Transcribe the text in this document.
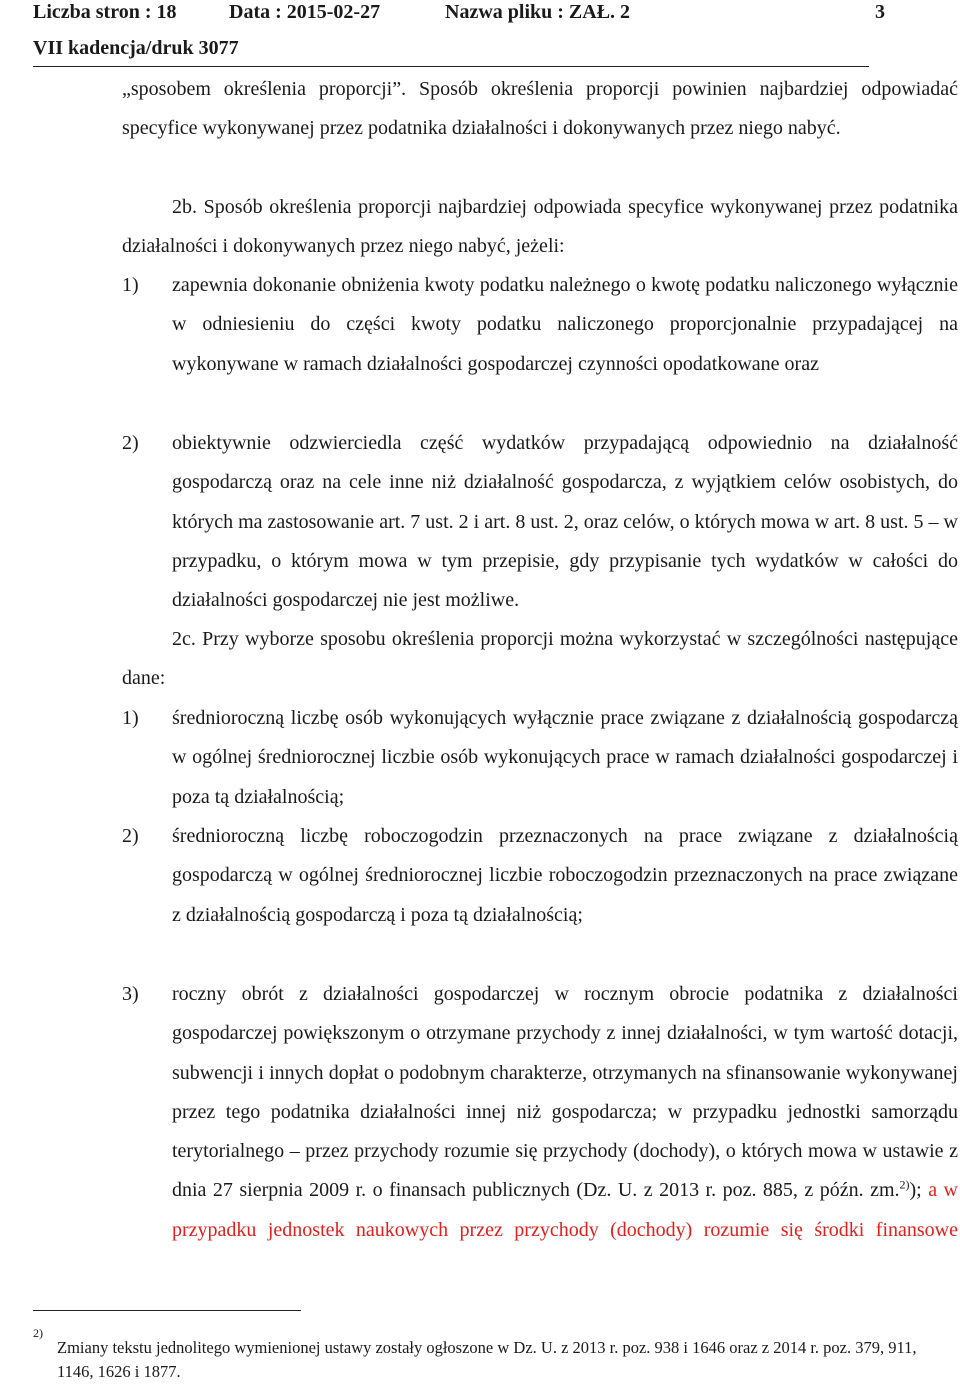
Liczba stron : 18	Data : 2015-02-27	Nazwa pliku : ZAŁ. 2	3
VII kadencja/druk 3077

„sposobem określenia proporcji”. Sposób określenia proporcji powinien najbardziej odpowiadać specyfice wykonywanej przez podatnika działalności i dokonywanych przez niego nabyć.

2b. Sposób określenia proporcji najbardziej odpowiada specyfice wykonywanej przez podatnika działalności i dokonywanych przez niego nabyć, jeżeli:

1) zapewnia dokonanie obniżenia kwoty podatku należnego o kwotę podatku naliczonego wyłącznie w odniesieniu do części kwoty podatku naliczonego proporcjonalnie przypadającej na wykonywane w ramach działalności gospodarczej czynności opodatkowane oraz

2) obiektywnie odzwierciedla część wydatków przypadającą odpowiednio na działalność gospodarczą oraz na cele inne niż działalność gospodarcza, z wyjątkiem celów osobistych, do których ma zastosowanie art. 7 ust. 2 i art. 8 ust. 2, oraz celów, o których mowa w art. 8 ust. 5 – w przypadku, o którym mowa w tym przepisie, gdy przypisanie tych wydatków w całości do działalności gospodarczej nie jest możliwe.

2c. Przy wyborze sposobu określenia proporcji można wykorzystać w szczególności następujące dane:

1) średnioroczną liczbę osób wykonujących wyłącznie prace związane z działalnością gospodarczą w ogólnej średniorocznej liczbie osób wykonujących prace w ramach działalności gospodarczej i poza tą działalnością;

2) średnioroczną liczbę roboczogodzin przeznaczonych na prace związane z działalnością gospodarczą w ogólnej średniorocznej liczbie roboczogodzin przeznaczonych na prace związane z działalnością gospodarczą i poza tą działalnością;

3) roczny obrót z działalności gospodarczej w rocznym obrocie podatnika z działalności gospodarczej powiększonym o otrzymane przychody z innej działalności, w tym wartość dotacji, subwencji i innych dopłat o podobnym charakterze, otrzymanych na sfinansowanie wykonywanej przez tego podatnika działalności innej niż gospodarcza; w przypadku jednostki samorządu terytorialnego – przez przychody rozumie się przychody (dochody), o których mowa w ustawie z dnia 27 sierpnia 2009 r. o finansach publicznych (Dz. U. z 2013 r. poz. 885, z późn. zm.$^{2)}$); a w przypadku jednostek naukowych przez przychody (dochody) rozumie się środki finansowe

2)

Zmiany tekstu jednolitego wymienionej ustawy zostały ogłoszone w Dz. U. z 2013 r. poz. 938 i 1646 oraz z 2014 r. poz. 379, 911, 1146, 1626 i 1877.
